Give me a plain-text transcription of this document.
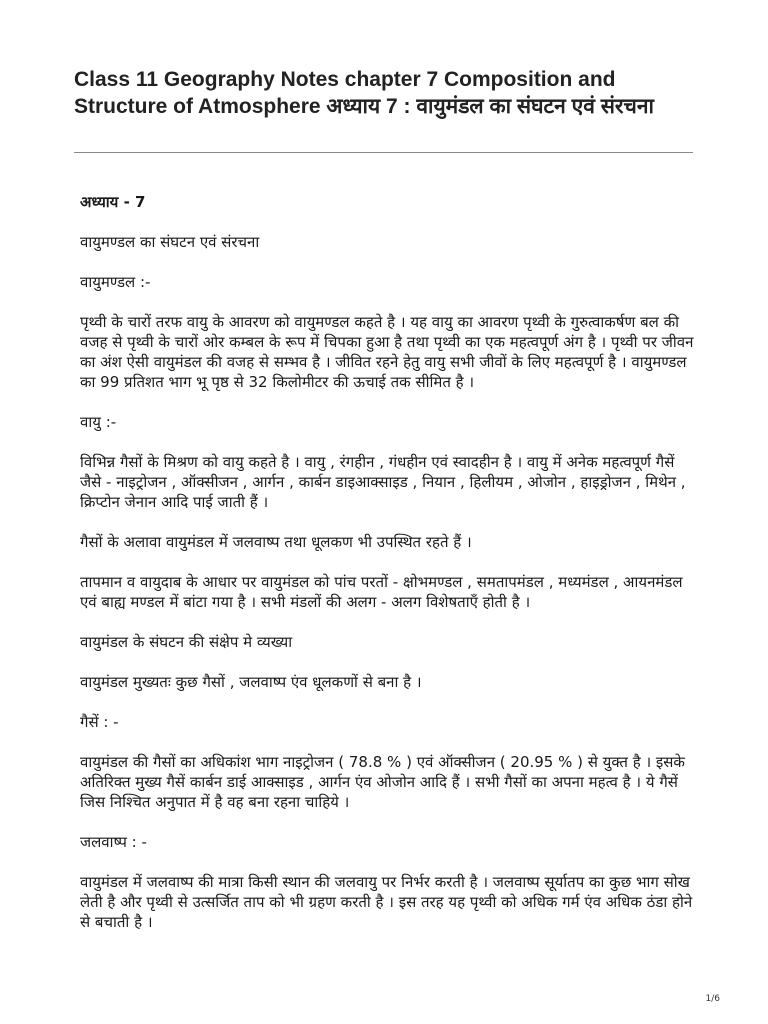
Class 11 Geography Notes chapter 7 Composition and Structure of Atmosphere अध्याय 7 : वायुमंडल का संघटन एवं संरचना

अध्याय - 7

वायुमण्डल का संघटन एवं संरचना

वायुमण्डल :-

पृथ्वी के चारों तरफ वायु के आवरण को वायुमण्डल कहते है । यह वायु का आवरण पृथ्वी के गुरुत्वाकर्षण बल की वजह से पृथ्वी के चारों ओर कम्बल के रूप में चिपका हुआ है तथा पृथ्वी का एक महत्वपूर्ण अंग है । पृथ्वी पर जीवन का अंश ऐसी वायुमंडल की वजह से सम्भव है । जीवित रहने हेतु वायु सभी जीवों के लिए महत्वपूर्ण है । वायुमण्डल का 99 प्रतिशत भाग भू पृष्ठ से 32 किलोमीटर की ऊचाई तक सीमित है ।

वायु :-

विभिन्न गैसों के मिश्रण को वायु कहते है । वायु , रंगहीन , गंधहीन एवं स्वादहीन है । वायु में अनेक महत्वपूर्ण गैसें जैसे - नाइट्रोजन , ऑक्सीजन , आर्गन , कार्बन डाइआक्साइड , नियान , हिलीयम , ओजोन , हाइड्रोजन , मिथेन , क्रिप्टोन जेनान आदि पाई जाती हैं ।

गैसों के अलावा वायुमंडल में जलवाष्प तथा धूलकण भी उपस्थित रहते हैं ।

तापमान व वायुदाब के आधार पर वायुमंडल को पांच परतों - क्षोभमण्डल , समतापमंडल , मध्यमंडल , आयनमंडल एवं बाह्य मण्डल में बांटा गया है । सभी मंडलों की अलग - अलग विशेषताएँ होती है ।

वायुमंडल के संघटन की संक्षेप मे व्यख्या

वायुमंडल मुख्यतः कुछ गैसों , जलवाष्प एंव धूलकणों से बना है ।

गैसें : -

वायुमंडल की गैसों का अधिकांश भाग नाइट्रोजन ( 78.8 % ) एवं ऑक्सीजन ( 20.95 % ) से युक्त है । इसके अतिरिक्त मुख्य गैसें कार्बन डाई आक्साइड , आर्गन एंव ओजोन आदि हैं । सभी गैसों का अपना महत्व है । ये गैसें जिस निश्चित अनुपात में है वह बना रहना चाहिये ।

जलवाष्प : -

वायुमंडल में जलवाष्प की मात्रा किसी स्थान की जलवायु पर निर्भर करती है । जलवाष्प सूर्यातप का कुछ भाग सोख लेती है और पृथ्वी से उत्सर्जित ताप को भी ग्रहण करती है । इस तरह यह पृथ्वी को अधिक गर्म एंव अधिक ठंडा होने से बचाती है ।

1/6
